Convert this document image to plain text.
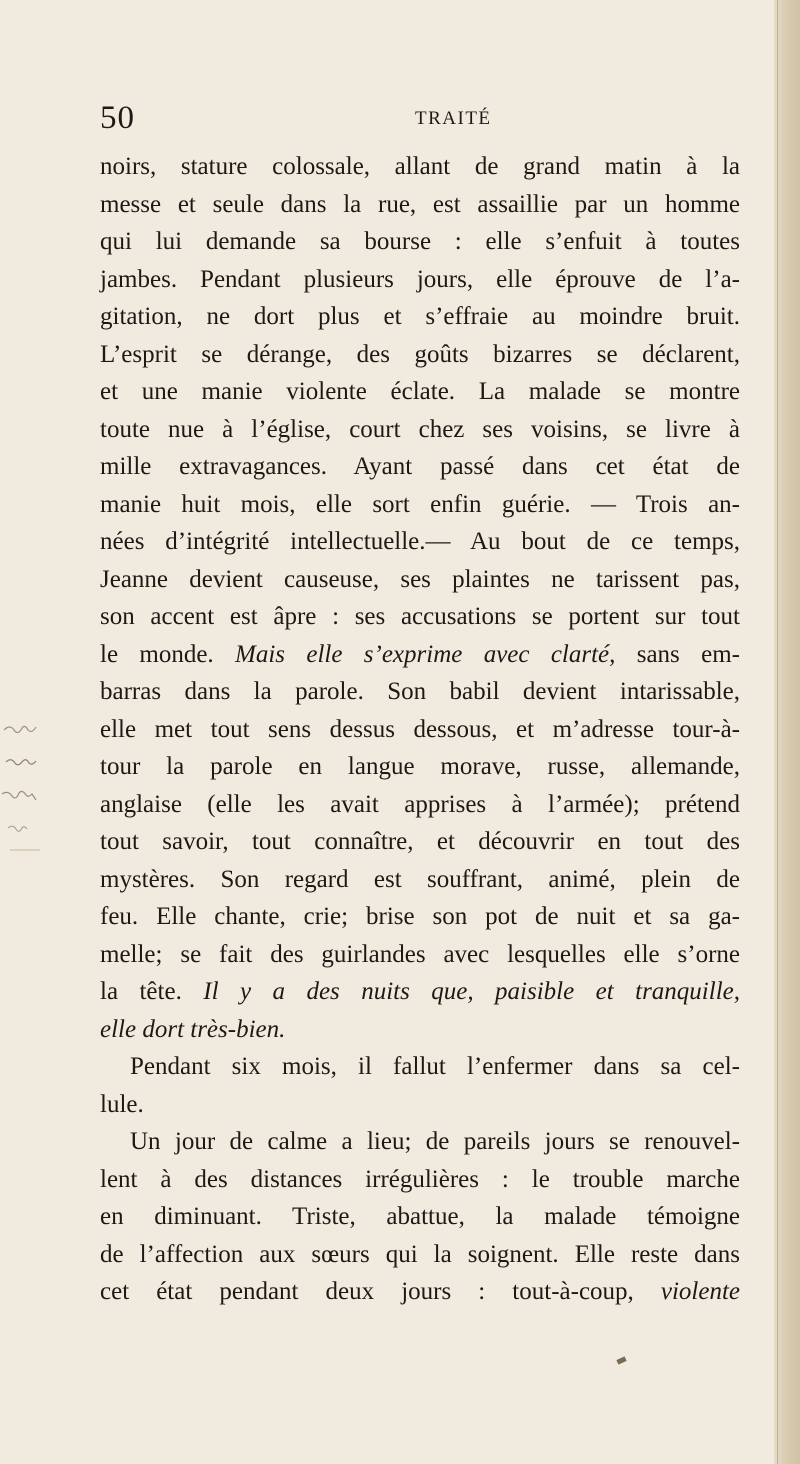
50	TRAITÉ
noirs, stature colossale, allant de grand matin à la
messe et seule dans la rue, est assaillie par un homme
qui lui demande sa bourse : elle s’enfuit à toutes
jambes. Pendant plusieurs jours, elle éprouve de l’a-
gitation, ne dort plus et s’effraie au moindre bruit.
L’esprit se dérange, des goûts bizarres se déclarent,
et une manie violente éclate. La malade se montre
toute nue à l’église, court chez ses voisins, se livre à
mille extravagances. Ayant passé dans cet état de
manie huit mois, elle sort enfin guérie. — Trois an-
nées d’intégrité intellectuelle.— Au bout de ce temps,
Jeanne devient causeuse, ses plaintes ne tarissent pas,
son accent est âpre : ses accusations se portent sur tout
le monde. Mais elle s’exprime avec clarté, sans em-
barras dans la parole. Son babil devient intarissable,
elle met tout sens dessus dessous, et m’adresse tour-à-
tour la parole en langue morave, russe, allemande,
anglaise (elle les avait apprises à l’armée); prétend
tout savoir, tout connaître, et découvrir en tout des
mystères. Son regard est souffrant, animé, plein de
feu. Elle chante, crie; brise son pot de nuit et sa ga-
melle; se fait des guirlandes avec lesquelles elle s’orne
la tête. Il y a des nuits que, paisible et tranquille,
elle dort très-bien.
Pendant six mois, il fallut l’enfermer dans sa cel-
lule.
Un jour de calme a lieu; de pareils jours se renouvel-
lent à des distances irrégulières : le trouble marche
en diminuant. Triste, abattue, la malade témoigne
de l’affection aux sœurs qui la soignent. Elle reste dans
cet état pendant deux jours : tout-à-coup, violente
